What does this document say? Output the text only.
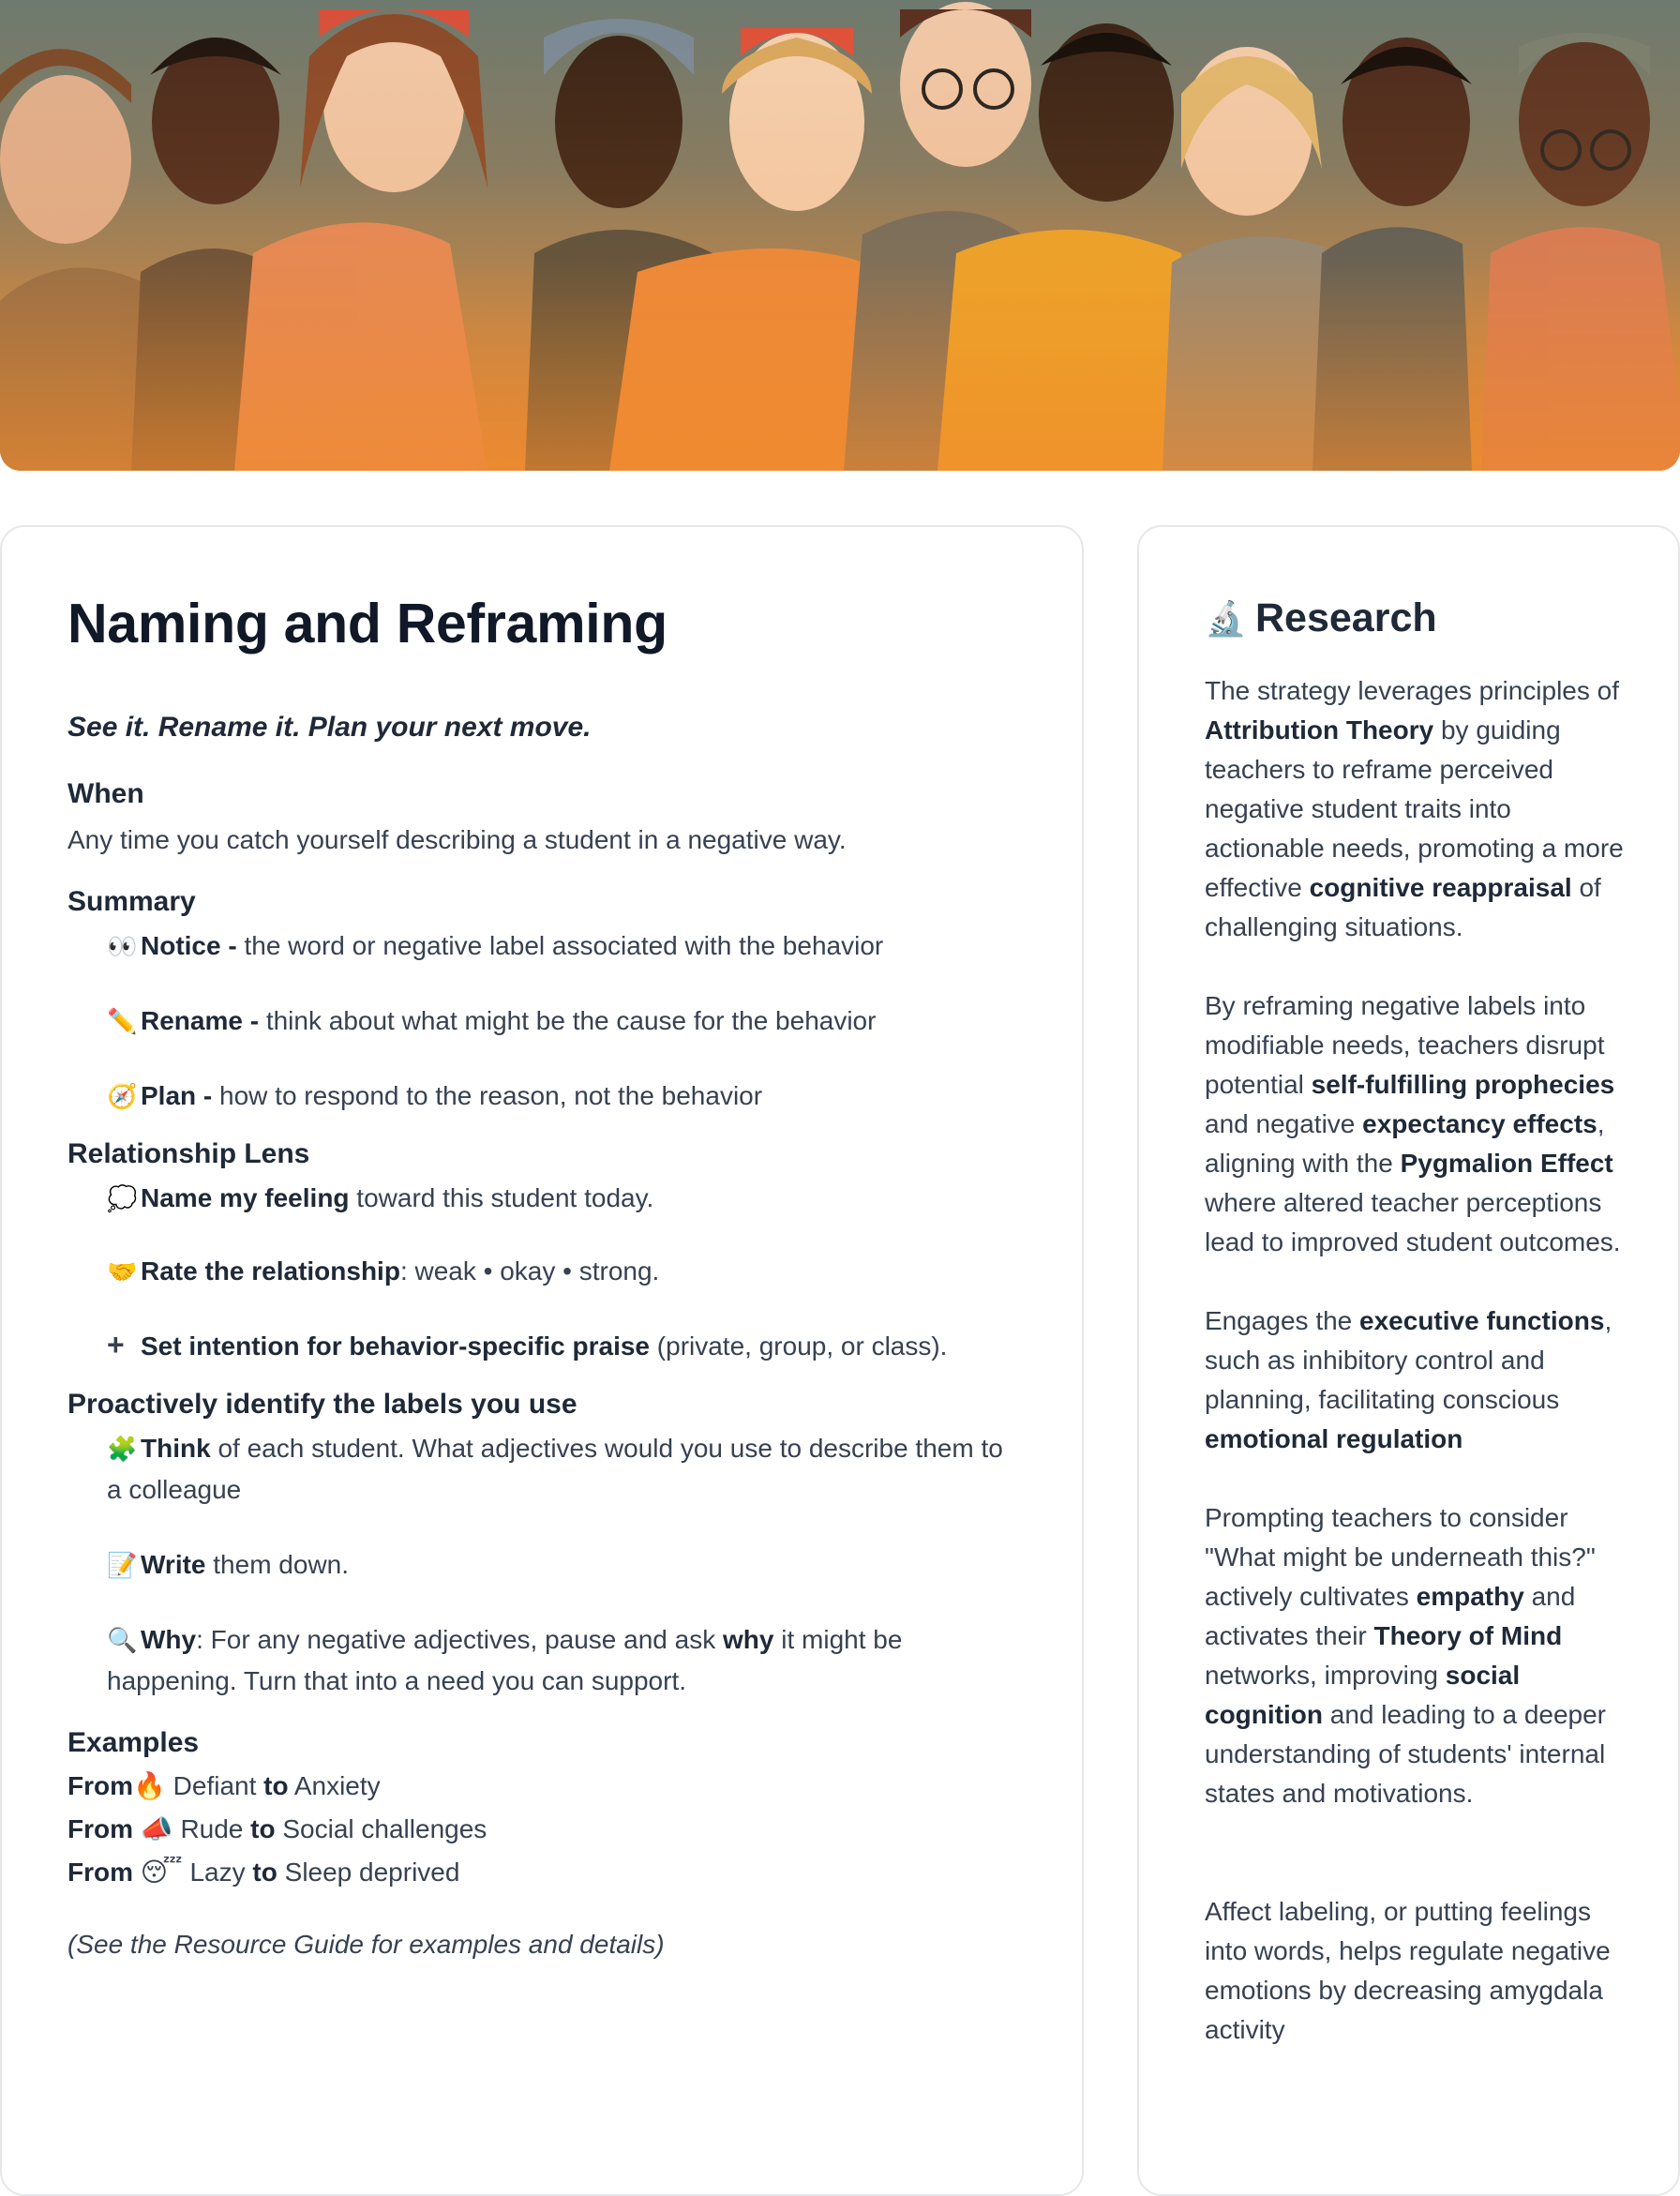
Naming and Reframing

See it. Rename it. Plan your next move.

When

Any time you catch yourself describing a student in a negative way.

Summary
👀 Notice - the word or negative label associated with the behavior
✏️ Rename - think about what might be the cause for the behavior
🧭 Plan - how to respond to the reason, not the behavior
Relationship Lens
💭 Name my feeling toward this student today.
🤝 Rate the relationship: weak • okay • strong.
+ Set intention for behavior-specific praise (private, group, or class).
Proactively identify the labels you use
🧩 Think of each student. What adjectives would you use to describe them to a colleague
📝 Write them down.
🔍 Why: For any negative adjectives, pause and ask why it might be happening. Turn that into a need you can support.
Examples

From🔥 Defiant to Anxiety

From 📣 Rude to Social challenges

From 😴 Lazy to Sleep deprived

(See the Resource Guide for examples and details)

🔬 Research

The strategy leverages principles of Attribution Theory by guiding teachers to reframe perceived negative student traits into actionable needs, promoting a more effective cognitive reappraisal of challenging situations.

By reframing negative labels into modifiable needs, teachers disrupt potential self-fulfilling prophecies and negative expectancy effects, aligning with the Pygmalion Effect where altered teacher perceptions lead to improved student outcomes.

Engages the executive functions, such as inhibitory control and planning, facilitating conscious emotional regulation

Prompting teachers to consider "What might be underneath this?" actively cultivates empathy and activates their Theory of Mind networks, improving social cognition and leading to a deeper understanding of students' internal states and motivations.

Affect labeling, or putting feelings into words, helps regulate negative emotions by decreasing amygdala activity
